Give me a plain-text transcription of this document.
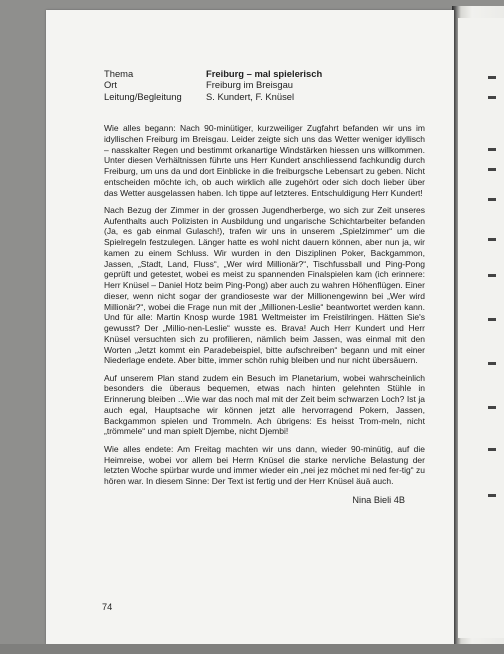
Thema	Freiburg – mal spielerisch
Ort	Freiburg im Breisgau
Leitung/Begleitung	S. Kundert, F. Knüsel

Wie alles begann: Nach 90-minütiger, kurzweiliger Zugfahrt befanden wir uns im idyllischen Freiburg im Breisgau. Leider zeigte sich uns das Wetter weniger idyllisch – nasskalter Regen und bestimmt orkanartige Windstärken hiessen uns willkommen. Unter diesen Verhältnissen führte uns Herr Kundert anschliessend fachkundig durch Freiburg, um uns da und dort Einblicke in die freiburgsche Lebensart zu geben. Nicht entscheiden möchte ich, ob auch wirklich alle zugehört oder sich doch lieber über das Wetter ausgelassen haben. Ich tippe auf letzteres. Entschuldigung Herr Kundert!

Nach Bezug der Zimmer in der grossen Jugendherberge, wo sich zur Zeit unseres Aufenthalts auch Polizisten in Ausbildung und ungarische Schichtarbeiter befanden (Ja, es gab einmal Gulasch!), trafen wir uns in unserem „Spielzimmer“ um die Spielregeln festzulegen. Länger hatte es wohl nicht dauern können, aber nun ja, wir kamen zu einem Schluss. Wir wurden in den Disziplinen Poker, Backgammon, Jassen, „Stadt, Land, Fluss“, „Wer wird Millionär?“, Tischfussball und Ping-Pong geprüft und getestet, wobei es meist zu spannenden Finalspielen kam (ich erinnere: Herr Knüsel – Daniel Hotz beim Ping-Pong) aber auch zu wahren Höhenflügen. Einer dieser, wenn nicht sogar der grandioseste war der Millionengewinn bei „Wer wird Millionär?“, wobei die Frage nun mit der „Millionen-Leslie“ beantwortet werden kann. Und für alle: Martin Knosp wurde 1981 Weltmeister im Freistilringen. Hätten Sie's gewusst? Der „Millio-nen-Leslie“ wusste es. Brava! Auch Herr Kundert und Herr Knüsel versuchten sich zu profilieren, nämlich beim Jassen, was einmal mit den Worten „Jetzt kommt ein Paradebeispiel, bitte aufschreiben“ begann und mit einer Niederlage endete. Aber bitte, immer schön ruhig bleiben und nur nicht übersäuern.

Auf unserem Plan stand zudem ein Besuch im Planetarium, wobei wahrscheinlich besonders die überaus bequemen, etwas nach hinten gelehnten Stühle in Erinnerung bleiben ...Wie war das noch mal mit der Zeit beim schwarzen Loch? Ist ja auch egal, Hauptsache wir können jetzt alle hervorragend Pokern, Jassen, Backgammon spielen und Trommeln. Ach übrigens: Es heisst Trom-meln, nicht „trömmele“ und man spielt Djembe, nicht Djembi!

Wie alles endete: Am Freitag machten wir uns dann, wieder 90-minütig, auf die Heimreise, wobei vor allem bei Herrn Knüsel die starke nervliche Belastung der letzten Woche spürbar wurde und immer wieder ein „nei jez möchet mi ned fer-tig“ zu hören war. In diesem Sinne: Der Text ist fertig und der Herr Knüsel äuä auch.

Nina Bieli 4B
74
